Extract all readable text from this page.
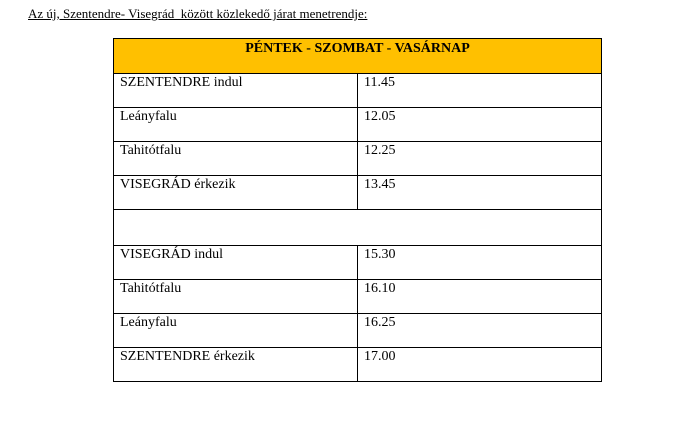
Az új, Szentendre- Visegrád  között közlekedő járat menetrendje:
PÉNTEK - SZOMBAT - VASÁRNAP	
SZENTENDRE indul	11.45
Leányfalu	12.05
Tahitótfalu	12.25
VISEGRÁD érkezik	13.45

VISEGRÁD indul	15.30
Tahitótfalu	16.10
Leányfalu	16.25
SZENTENDRE érkezik	17.00
